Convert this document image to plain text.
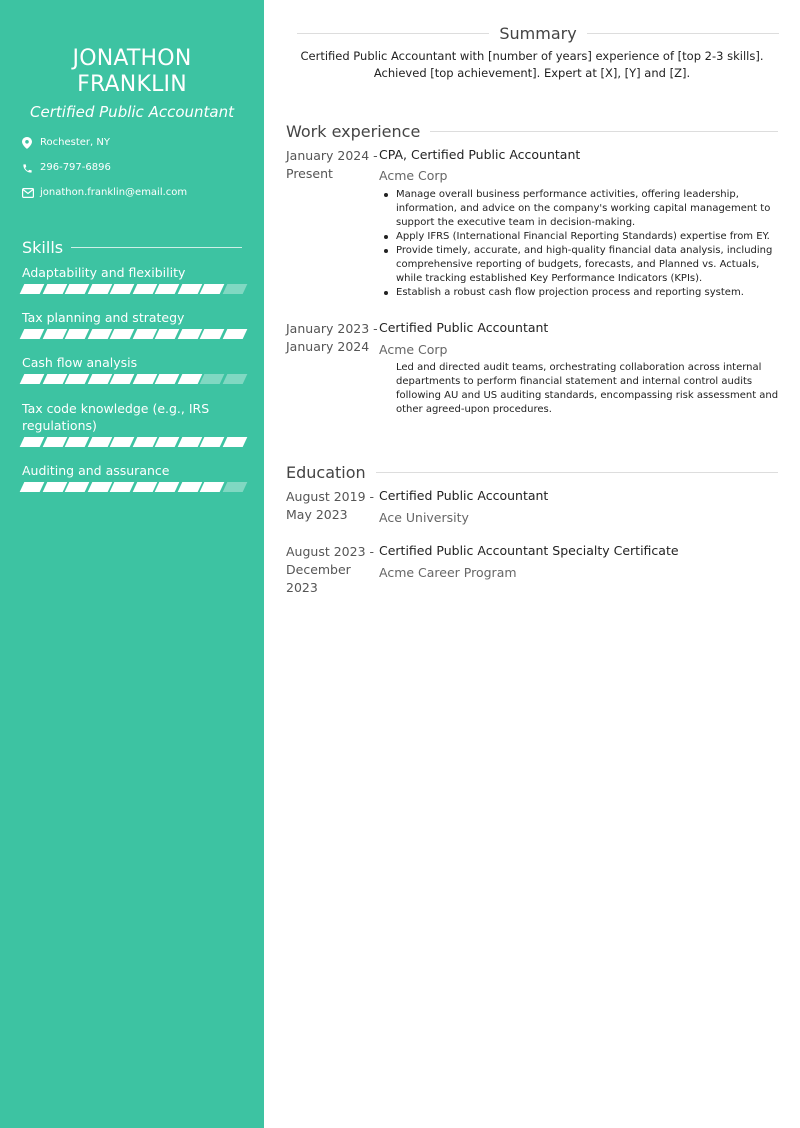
JONATHON
FRANKLIN
Certified Public Accountant
Rochester, NY
296-797-6896
jonathon.franklin@email.com
Skills
Adaptability and flexibility
Tax planning and strategy
Cash flow analysis
Tax code knowledge (e.g., IRS regulations)
Auditing and assurance
Summary
Certified Public Accountant with [number of years] experience of [top 2-3 skills]. Achieved [top achievement]. Expert at [X], [Y] and [Z].
Work experience
January 2024 -
Present
CPA, Certified Public Accountant
Acme Corp
Manage overall business performance activities, offering leadership, information, and advice on the company's working capital management to support the executive team in decision-making.
Apply IFRS (International Financial Reporting Standards) expertise from EY.
Provide timely, accurate, and high-quality financial data analysis, including comprehensive reporting of budgets, forecasts, and Planned vs. Actuals, while tracking established Key Performance Indicators (KPIs).
Establish a robust cash flow projection process and reporting system.
January 2023 -
January 2024
Certified Public Accountant
Acme Corp
Led and directed audit teams, orchestrating collaboration across internal departments to perform financial statement and internal control audits following AU and US auditing standards, encompassing risk assessment and other agreed-upon procedures.
Education
August 2019 -
May 2023
Certified Public Accountant
Ace University
August 2023 -
December 2023
Certified Public Accountant Specialty Certificate
Acme Career Program
